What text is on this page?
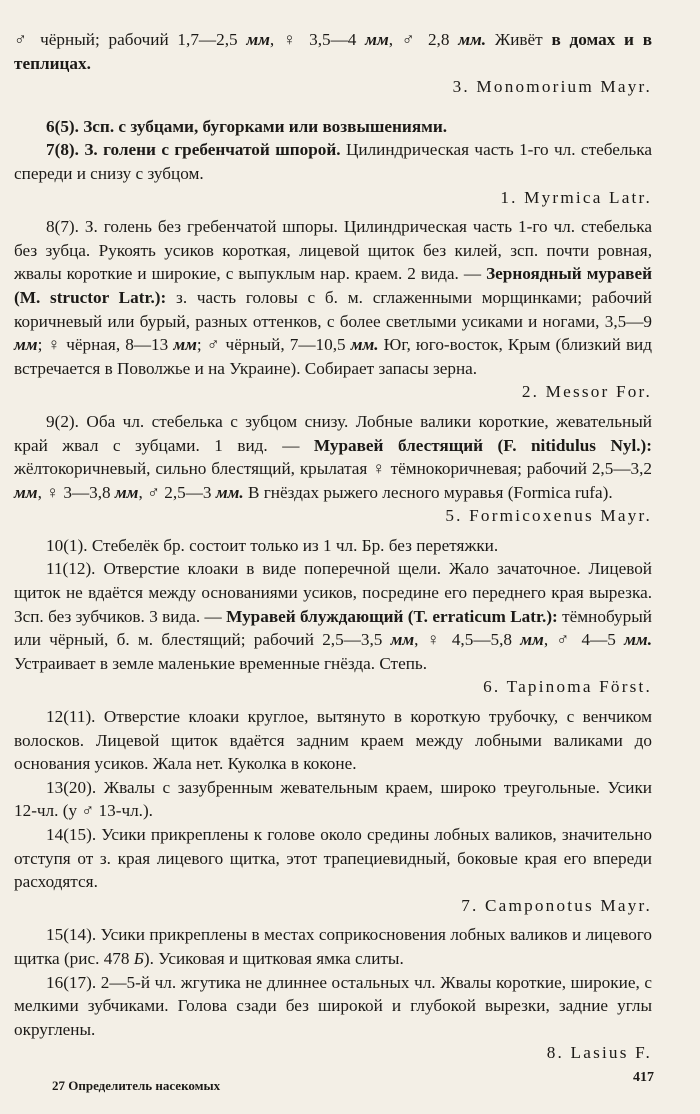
♂ чёрный; рабочий 1,7—2,5 мм, ♀ 3,5—4 мм, ♂ 2,8 мм. Живёт в домах и в теплицах.

3. Monomorium Mayr.

6(5). Зсп. с зубцами, бугорками или возвышениями.

7(8). З. голени с гребенчатой шпорой. Цилиндрическая часть 1-го чл. стебелька спереди и снизу с зубцом.

1. Myrmica Latr.

8(7). З. голень без гребенчатой шпоры. Цилиндрическая часть 1-го чл. стебелька без зубца. Рукоять усиков короткая, лицевой щиток без килей, зсп. почти ровная, жвалы короткие и широкие, с выпуклым нар. краем. 2 вида. — Зерноядный муравей (M. structor Latr.): з. часть головы с б. м. сглаженными морщинками; рабочий коричневый или бурый, разных оттенков, с более светлыми усиками и ногами, 3,5—9 мм; ♀ чёрная, 8—13 мм; ♂ чёрный, 7—10,5 мм. Юг, юго-восток, Крым (близкий вид встречается в Поволжье и на Украине). Собирает запасы зерна.

2. Messor For.

9(2). Оба чл. стебелька с зубцом снизу. Лобные валики короткие, жевательный край жвал с зубцами. 1 вид. — Муравей блестящий (F. nitidulus Nyl.): жёлтокоричневый, сильно блестящий, крылатая ♀ тёмнокоричневая; рабочий 2,5—3,2 мм, ♀ 3—3,8 мм, ♂ 2,5—3 мм. В гнёздах рыжего лесного муравья (Formica rufa).

5. Formicoxenus Mayr.

10(1). Стебелёк бр. состоит только из 1 чл. Бр. без перетяжки.

11(12). Отверстие клоаки в виде поперечной щели. Жало зачаточное. Лицевой щиток не вдаётся между основаниями усиков, посредине его переднего края вырезка. Зсп. без зубчиков. 3 вида. — Муравей блуждающий (T. erraticum Latr.): тёмнобурый или чёрный, б. м. блестящий; рабочий 2,5—3,5 мм, ♀ 4,5—5,8 мм, ♂ 4—5 мм. Устраивает в земле маленькие временные гнёзда. Степь.

6. Tapinoma Först.

12(11). Отверстие клоаки круглое, вытянуто в короткую трубочку, с венчиком волосков. Лицевой щиток вдаётся задним краем между лобными валиками до основания усиков. Жала нет. Куколка в коконе.

13(20). Жвалы с зазубренным жевательным краем, широко треугольные. Усики 12-чл. (у ♂ 13-чл.).

14(15). Усики прикреплены к голове около средины лобных валиков, значительно отступя от з. края лицевого щитка, этот трапециевидный, боковые края его впереди расходятся.

7. Camponotus Mayr.

15(14). Усики прикреплены в местах соприкосновения лобных валиков и лицевого щитка (рис. 478 Б). Усиковая и щитковая ямка слиты.

16(17). 2—5-й чл. жгутика не длиннее остальных чл. Жвалы короткие, широкие, с мелкими зубчиками. Голова сзади без широкой и глубокой вырезки, задние углы округлены.

8. Lasius F.
27 Определитель насекомых
417
